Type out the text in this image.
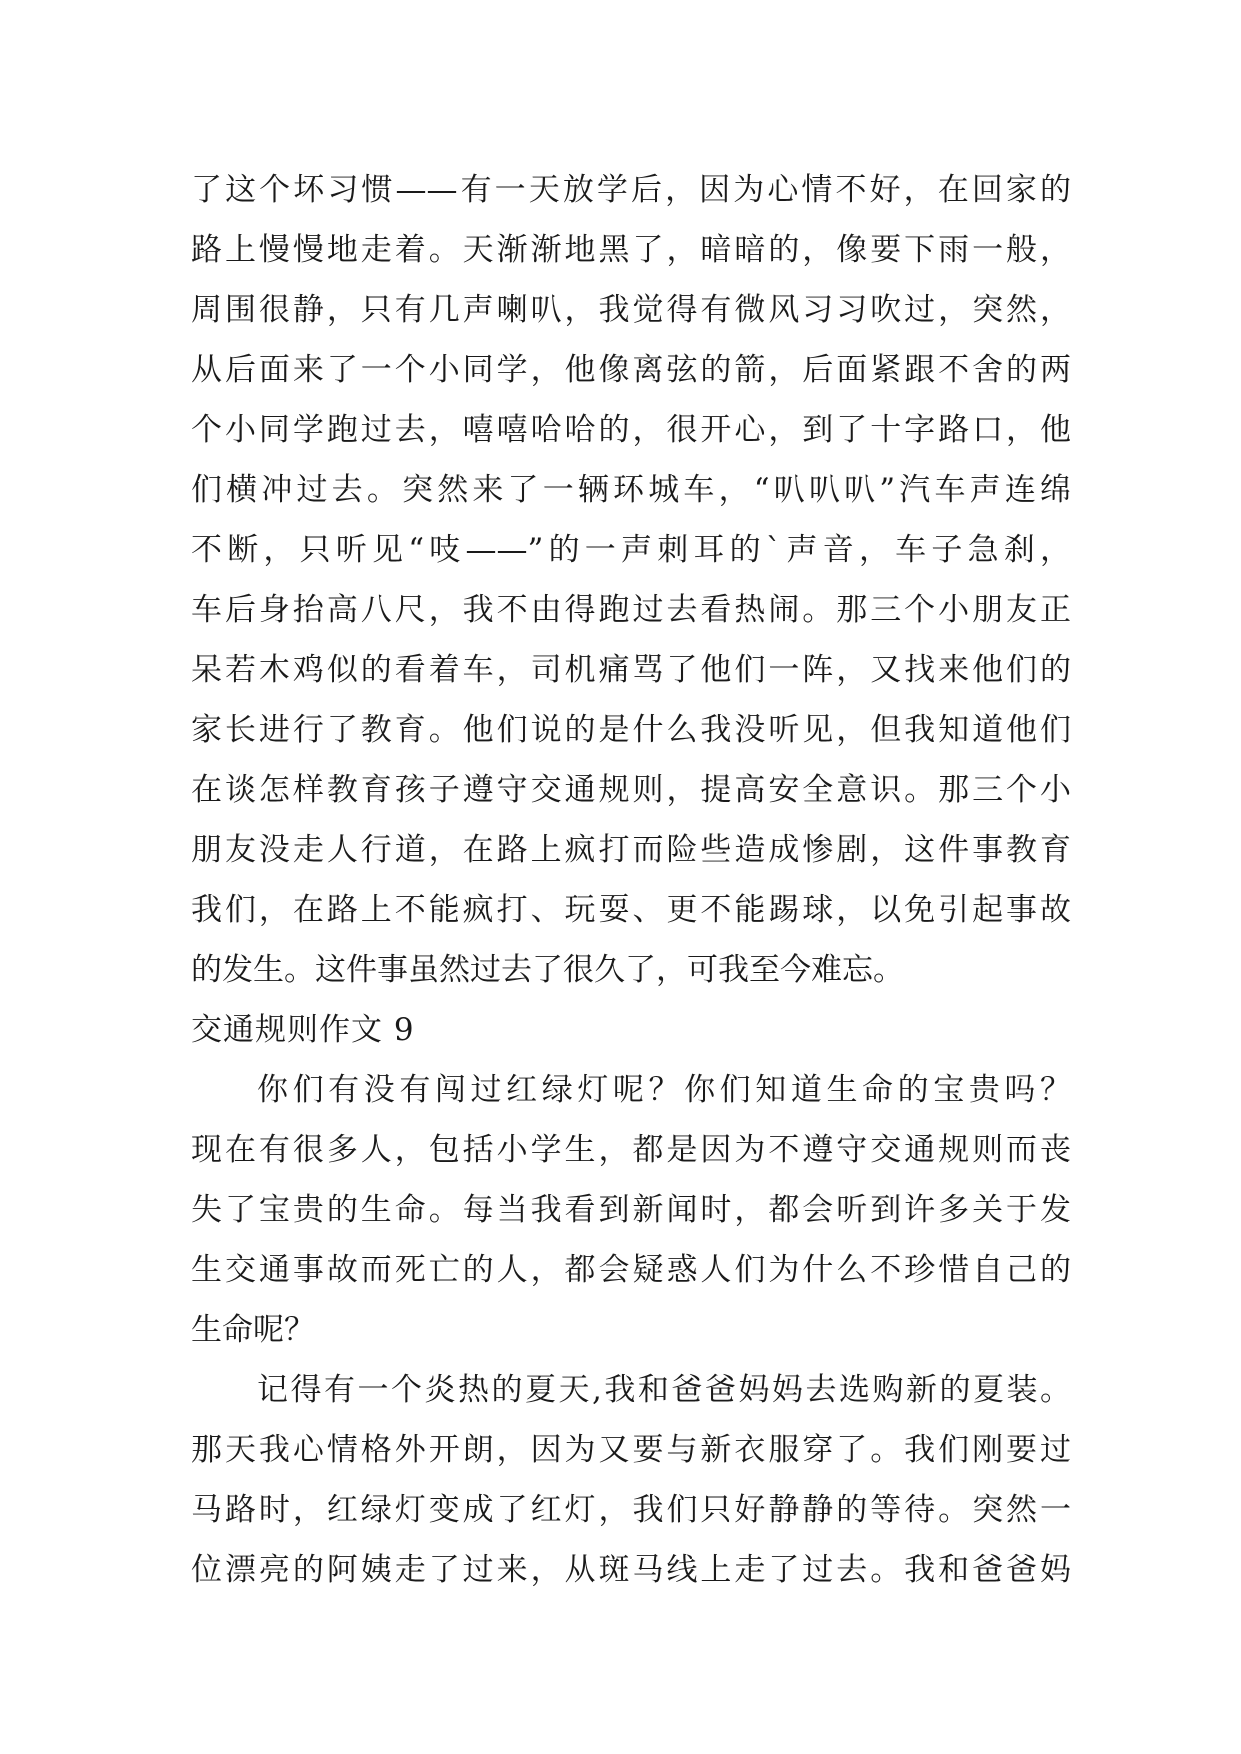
了这个坏习惯——有一天放学后，因为心情不好，在回家的
路上慢慢地走着。天渐渐地黑了，暗暗的，像要下雨一般，
周围很静，只有几声喇叭，我觉得有微风习习吹过，突然，
从后面来了一个小同学，他像离弦的箭，后面紧跟不舍的两
个小同学跑过去，嘻嘻哈哈的，很开心，到了十字路口，他
们横冲过去。突然来了一辆环城车，“叭叭叭”汽车声连绵
不断，只听见“吱——”的一声刺耳的`声音，车子急刹，
车后身抬高八尺，我不由得跑过去看热闹。那三个小朋友正
呆若木鸡似的看着车，司机痛骂了他们一阵，又找来他们的
家长进行了教育。他们说的是什么我没听见，但我知道他们
在谈怎样教育孩子遵守交通规则，提高安全意识。那三个小
朋友没走人行道，在路上疯打而险些造成惨剧，这件事教育
我们，在路上不能疯打、玩耍、更不能踢球，以免引起事故
的发生。这件事虽然过去了很久了，可我至今难忘。
交通规则作文 9
你们有没有闯过红绿灯呢？你们知道生命的宝贵吗？
现在有很多人，包括小学生，都是因为不遵守交通规则而丧
失了宝贵的生命。每当我看到新闻时，都会听到许多关于发
生交通事故而死亡的人，都会疑惑人们为什么不珍惜自己的
生命呢？
记得有一个炎热的夏天,我和爸爸妈妈去选购新的夏装。
那天我心情格外开朗，因为又要与新衣服穿了。我们刚要过
马路时，红绿灯变成了红灯，我们只好静静的等待。突然一
位漂亮的阿姨走了过来，从斑马线上走了过去。我和爸爸妈
